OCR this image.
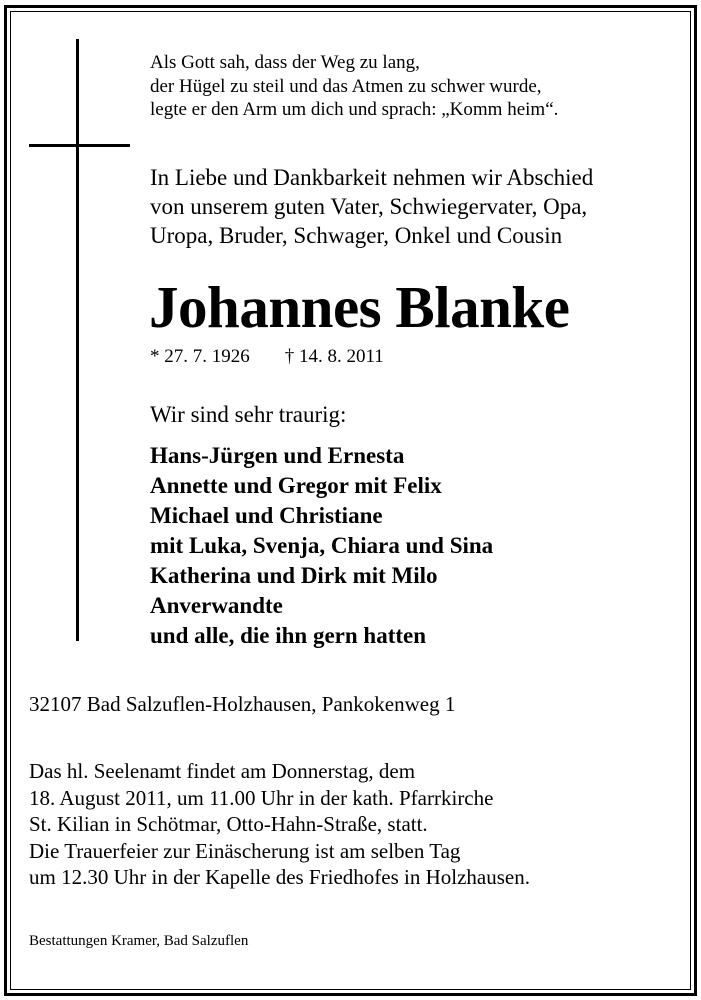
Als Gott sah, dass der Weg zu lang,
der Hügel zu steil und das Atmen zu schwer wurde,
legte er den Arm um dich und sprach: „Komm heim“.
In Liebe und Dankbarkeit nehmen wir Abschied
von unserem guten Vater, Schwiegervater, Opa,
Uropa, Bruder, Schwager, Onkel und Cousin
Johannes Blanke
* 27. 7. 1926 † 14. 8. 2011
Wir sind sehr traurig:
Hans-Jürgen und Ernesta
Annette und Gregor mit Felix
Michael und Christiane
mit Luka, Svenja, Chiara und Sina
Katherina und Dirk mit Milo
Anverwandte
und alle, die ihn gern hatten
32107 Bad Salzuflen-Holzhausen, Pankokenweg 1
Das hl. Seelenamt findet am Donnerstag, dem
18. August 2011, um 11.00 Uhr in der kath. Pfarrkirche
St. Kilian in Schötmar, Otto-Hahn-Straße, statt.
Die Trauerfeier zur Einäscherung ist am selben Tag
um 12.30 Uhr in der Kapelle des Friedhofes in Holzhausen.
Bestattungen Kramer, Bad Salzuflen
